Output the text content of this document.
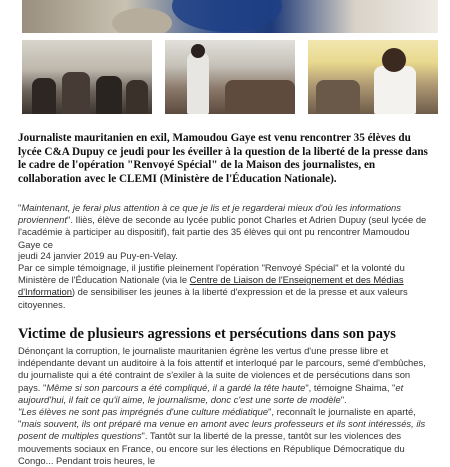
Journaliste mauritanien en exil, Mamoudou Gaye est venu rencontrer 35 élèves du lycée C&A Dupuy ce jeudi pour les éveiller à la question de la liberté de la presse dans le cadre de l'opération "Renvoyé Spécial" de la Maison des journalistes, en collaboration avec le CLEMI (Ministère de l'Éducation Nationale).

"Maintenant, je ferai plus attention à ce que je lis et je regarderai mieux d'où les informations proviennent". Iliès, élève de seconde au lycée public ponot Charles et Adrien Dupuy (seul lycée de l'académie à participer au dispositif), fait partie des 35 élèves qui ont pu rencontrer Mamoudou Gaye ce

jeudi 24 janvier 2019 au Puy-en-Velay.

Par ce simple témoignage, il justifie pleinement l'opération "Renvoyé Spécial" et la volonté du Ministère de l'Éducation Nationale (via le Centre de Liaison de l'Enseignement et des Médias d'Information) de sensibiliser les jeunes à la liberté d'expression et de la presse et aux valeurs citoyennes.

Victime de plusieurs agressions et persécutions dans son pays

Dénonçant la corruption, le journaliste mauritanien égrène les vertus d'une presse libre et indépendante devant un auditoire à la fois attentif et interloqué par le parcours, semé d'embûches, du journaliste qui a été contraint de s'exiler à la suite de violences et de persécutions dans son pays. "Même si son parcours a été compliqué, il a gardé la tête haute", témoigne Shaima, "et aujourd'hui, il fait ce qu'il aime, le journalisme, donc c'est une sorte de modèle".
"Les élèves ne sont pas imprégnés d'une culture médiatique", reconnaît le journaliste en aparté, "mais souvent, ils ont préparé ma venue en amont avec leurs professeurs et ils sont intéressés, ils posent de multiples questions". Tantôt sur la liberté de la presse, tantôt sur les violences des mouvements sociaux en France, ou encore sur les élections en République Démocratique du Congo... Pendant trois heures, le
